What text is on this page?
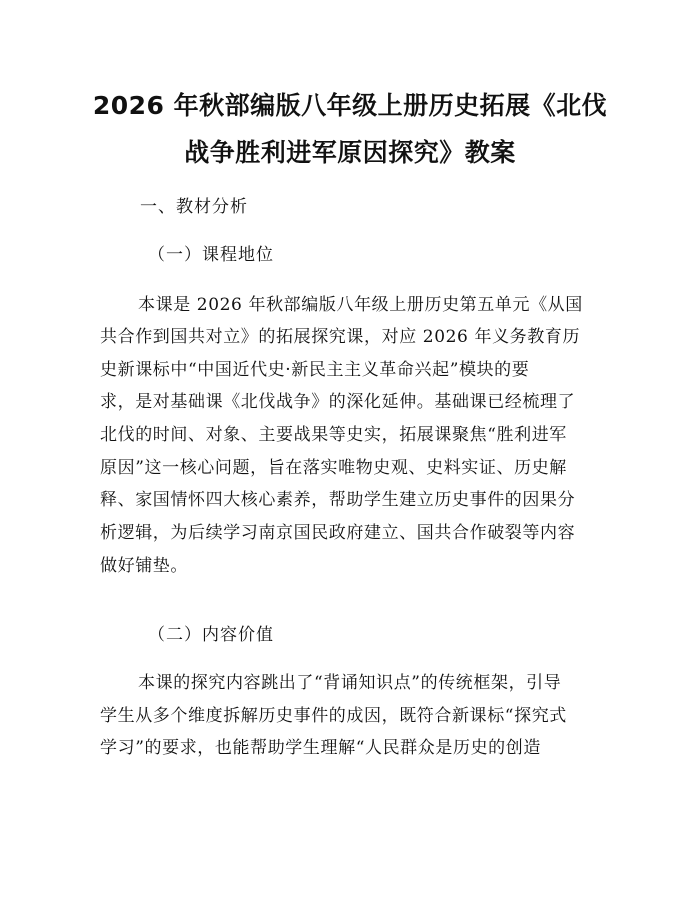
2026 年秋部编版八年级上册历史拓展《北伐
战争胜利进军原因探究》教案

一、教材分析

（一）课程地位

本课是 2026 年秋部编版八年级上册历史第五单元《从国

共合作到国共对立》的拓展探究课，对应 2026 年义务教育历

史新课标中“中国近代史·新民主主义革命兴起”模块的要

求，是对基础课《北伐战争》的深化延伸。基础课已经梳理了

北伐的时间、对象、主要战果等史实，拓展课聚焦“胜利进军

原因”这一核心问题，旨在落实唯物史观、史料实证、历史解

释、家国情怀四大核心素养，帮助学生建立历史事件的因果分

析逻辑，为后续学习南京国民政府建立、国共合作破裂等内容

做好铺垫。

（二）内容价值

本课的探究内容跳出了“背诵知识点”的传统框架，引导

学生从多个维度拆解历史事件的成因，既符合新课标“探究式

学习”的要求，也能帮助学生理解“人民群众是历史的创造
